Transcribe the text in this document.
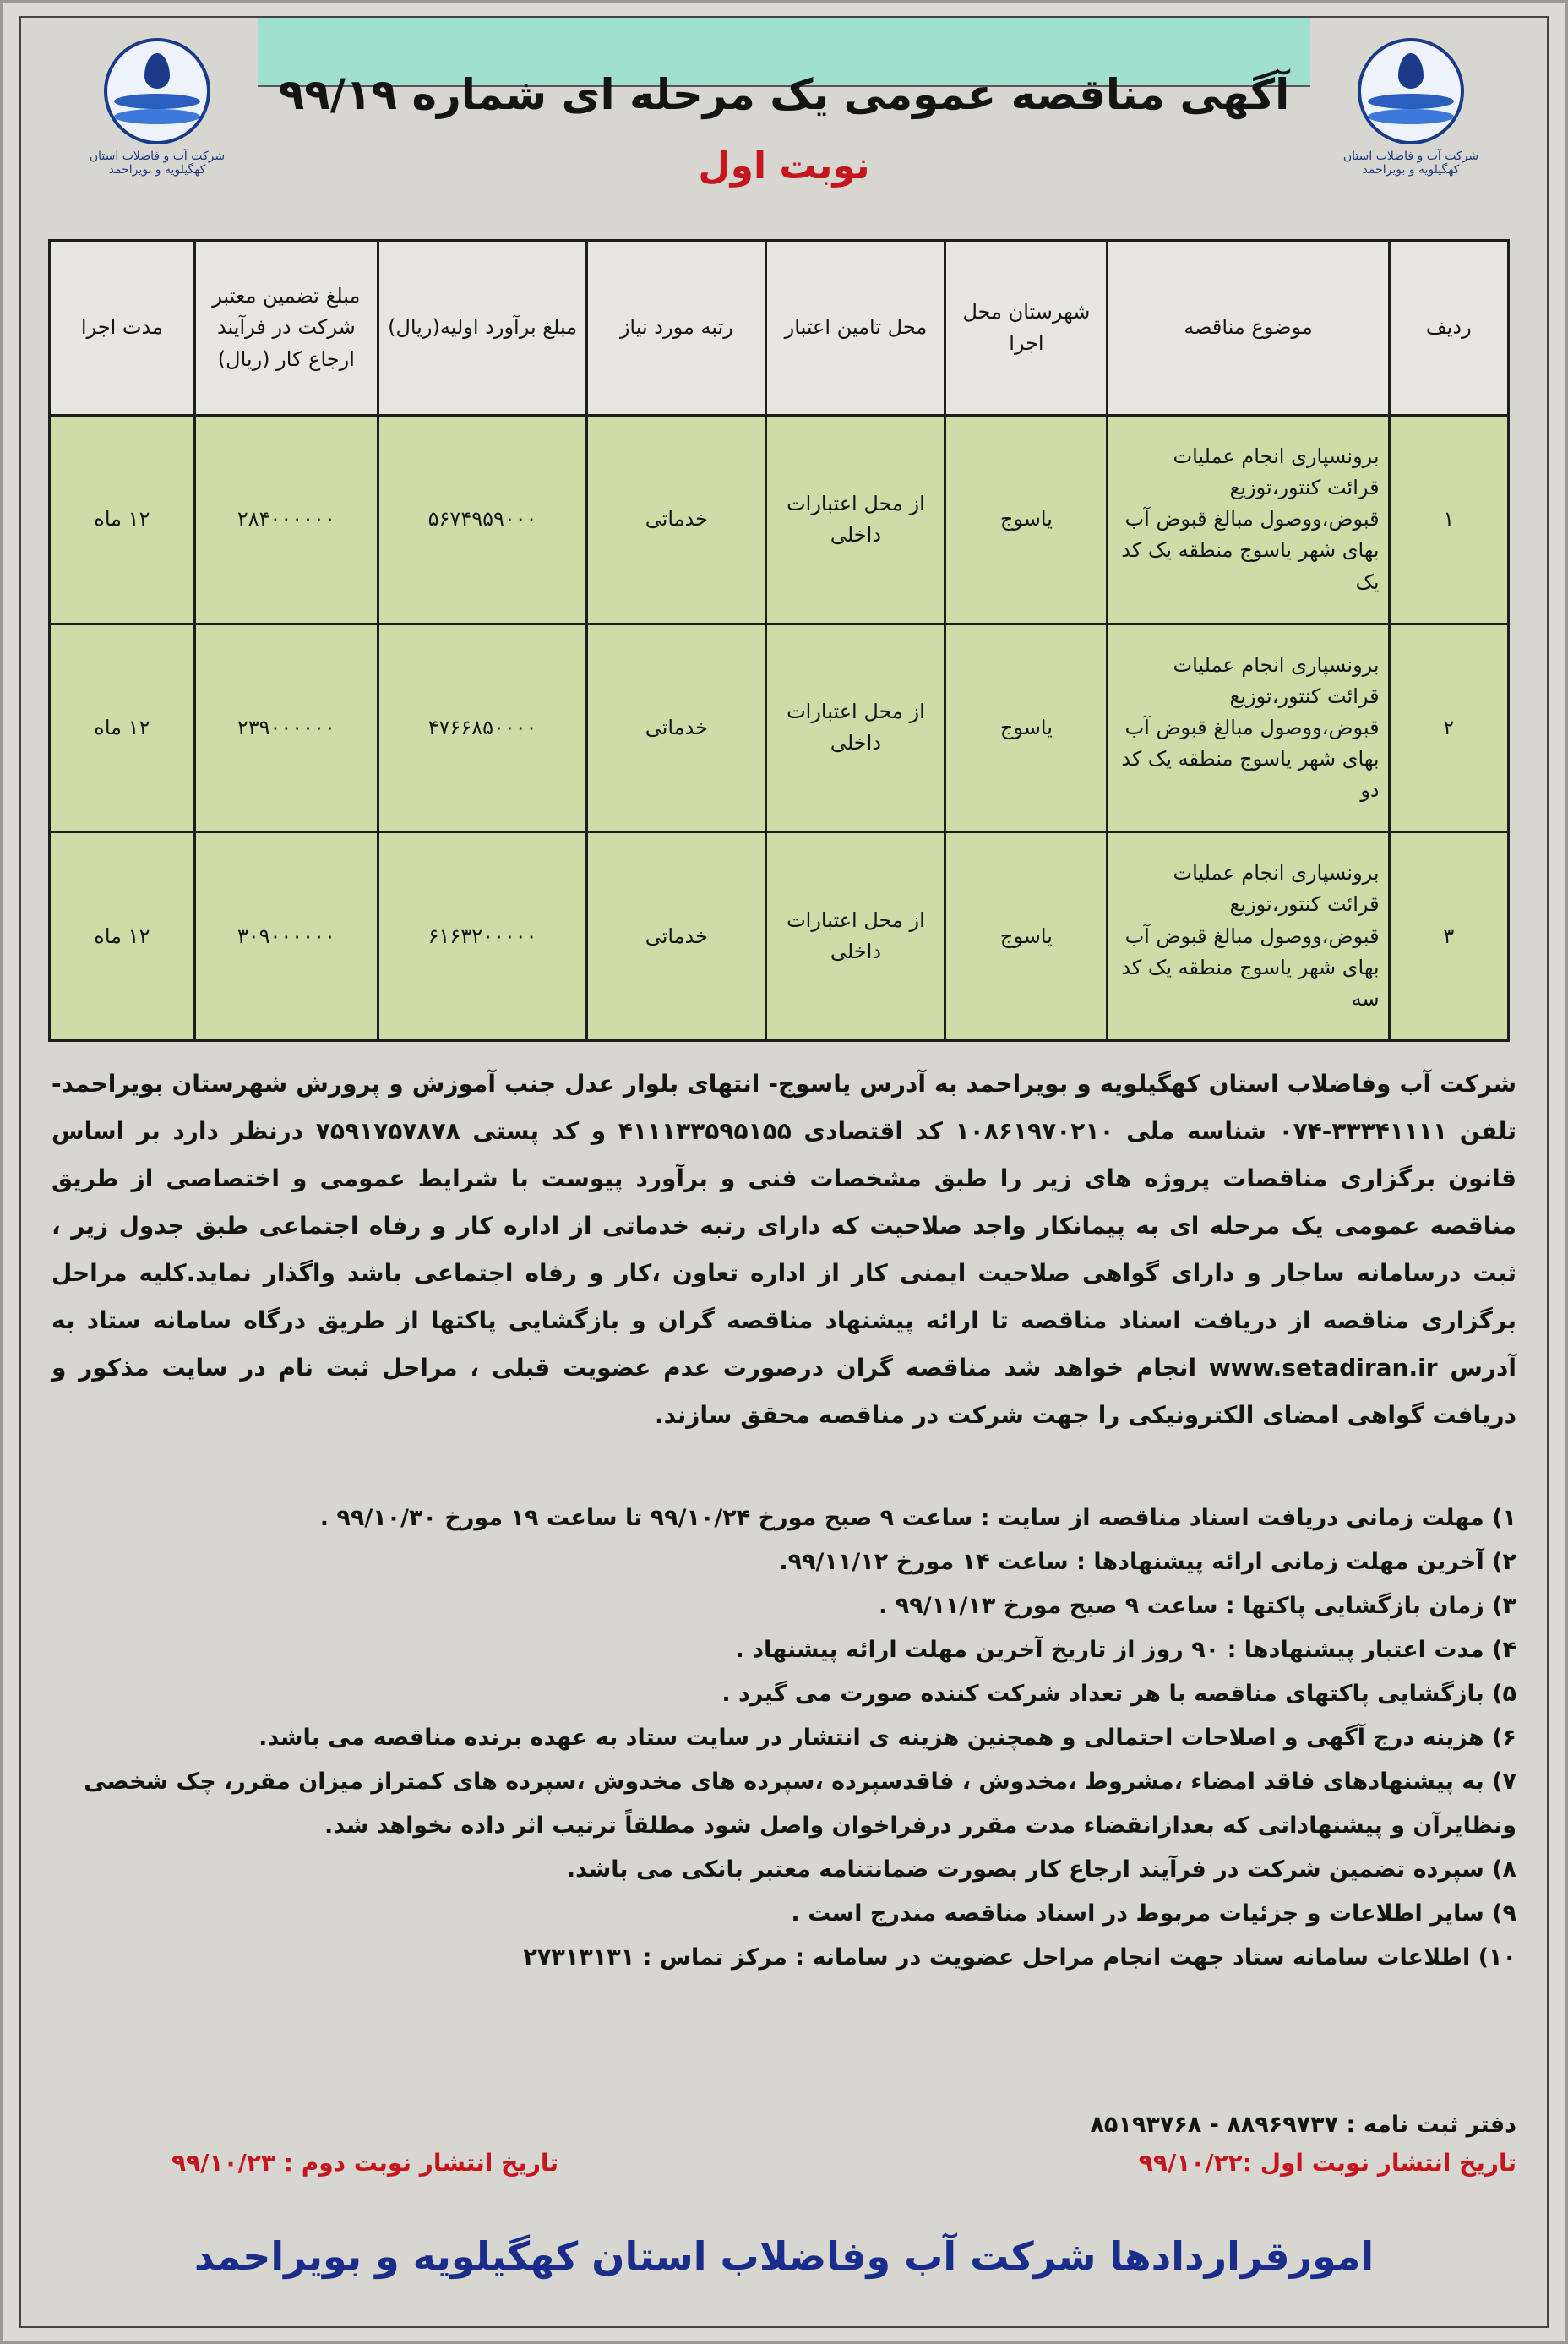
شرکت آب و فاضلاب استان کهگیلویه و بویراحمد
شرکت آب و فاضلاب استان کهگیلویه و بویراحمد
آگهی مناقصه عمومی یک مرحله ای شماره ۹۹/۱۹
نوبت اول
ردیف	موضوع مناقصه	شهرستان محل اجرا	محل تامین اعتبار	رتبه مورد نیاز	مبلغ برآورد اولیه(ریال)	مبلغ تضمین معتبر شرکت در فرآیند ارجاع کار (ریال)	مدت اجرا
۱	برونسپاری انجام عملیات قرائت کنتور،توزیع قبوض،ووصول مبالغ قبوض آب بهای شهر یاسوج منطقه یک کد یک	یاسوج	از محل اعتبارات داخلی	خدماتی	۵۶۷۴۹۵۹۰۰۰	۲۸۴۰۰۰۰۰۰	۱۲ ماه
۲	برونسپاری انجام عملیات قرائت کنتور،توزیع قبوض،ووصول مبالغ قبوض آب بهای شهر یاسوج منطقه یک کد دو	یاسوج	از محل اعتبارات داخلی	خدماتی	۴۷۶۶۸۵۰۰۰۰	۲۳۹۰۰۰۰۰۰	۱۲ ماه
۳	برونسپاری انجام عملیات قرائت کنتور،توزیع قبوض،ووصول مبالغ قبوض آب بهای شهر یاسوج منطقه یک کد سه	یاسوج	از محل اعتبارات داخلی	خدماتی	۶۱۶۳۲۰۰۰۰۰	۳۰۹۰۰۰۰۰۰	۱۲ ماه
شرکت آب وفاضلاب استان کهگیلویه و بویراحمد به آدرس یاسوج- انتهای بلوار عدل جنب آموزش و پرورش شهرستان بویراحمد- تلفن ۳۳۳۴۱۱۱۱-۰۷۴ شناسه ملی ۱۰۸۶۱۹۷۰۲۱۰ کد اقتصادی ۴۱۱۱۳۳۵۹۵۱۵۵ و کد پستی ۷۵۹۱۷۵۷۸۷۸ درنظر دارد بر اساس قانون برگزاری مناقصات پروژه های زیر را طبق مشخصات فنی و برآورد پیوست با شرایط عمومی و اختصاصی از طریق مناقصه عمومی یک مرحله ای به پیمانکار واجد صلاحیت که دارای رتبه خدماتی از اداره کار و رفاه اجتماعی طبق جدول زیر ، ثبت درسامانه ساجار و دارای گواهی صلاحیت ایمنی کار از اداره تعاون ،کار و رفاه اجتماعی باشد واگذار نماید.کلیه مراحل برگزاری مناقصه از دریافت اسناد مناقصه تا ارائه پیشنهاد مناقصه گران و بازگشایی پاکتها از طریق درگاه سامانه ستاد به آدرس www.setadiran.ir انجام خواهد شد مناقصه گران درصورت عدم عضویت قبلی ، مراحل ثبت نام در سایت مذکور و دریافت گواهی امضای الکترونیکی را جهت شرکت در مناقصه محقق سازند.
۱) مهلت زمانی دریافت اسناد مناقصه از سایت : ساعت ۹ صبح مورخ ۹۹/۱۰/۲۴ تا ساعت ۱۹ مورخ ۹۹/۱۰/۳۰ .
۲) آخرین مهلت زمانی ارائه پیشنهادها : ساعت ۱۴ مورخ ۹۹/۱۱/۱۲.
۳) زمان بازگشایی پاکتها : ساعت ۹ صبح مورخ ۹۹/۱۱/۱۳ .
۴) مدت اعتبار پیشنهادها : ۹۰ روز از تاریخ آخرین مهلت ارائه پیشنهاد .
۵) بازگشایی پاکتهای مناقصه با هر تعداد شرکت کننده صورت می گیرد .
۶) هزینه درج آگهی و اصلاحات احتمالی و همچنین هزینه ی انتشار در سایت ستاد به عهده برنده مناقصه می باشد.
۷) به پیشنهادهای فاقد امضاء ،مشروط ،مخدوش ، فاقدسپرده ،سپرده های مخدوش ،سپرده های کمتراز میزان مقرر، چک شخصی ونظایرآن و پیشنهاداتی که بعدازانقضاء مدت مقرر درفراخوان واصل شود مطلقاً ترتیب اثر داده نخواهد شد.
۸) سپرده تضمین شرکت در فرآیند ارجاع کار بصورت ضمانتنامه معتبر بانکی می باشد.
۹) سایر اطلاعات و جزئیات مربوط در اسناد مناقصه مندرج است .
۱۰) اطلاعات سامانه ستاد جهت انجام مراحل عضویت در سامانه : مرکز تماس : ۲۷۳۱۳۱۳۱
دفتر ثبت نامه : ۸۸۹۶۹۷۳۷ - ۸۵۱۹۳۷۶۸
تاریخ انتشار نوبت اول :۹۹/۱۰/۲۲
تاریخ انتشار نوبت دوم : ۹۹/۱۰/۲۳
امورقراردادها شرکت آب وفاضلاب استان کهگیلویه و بویراحمد
